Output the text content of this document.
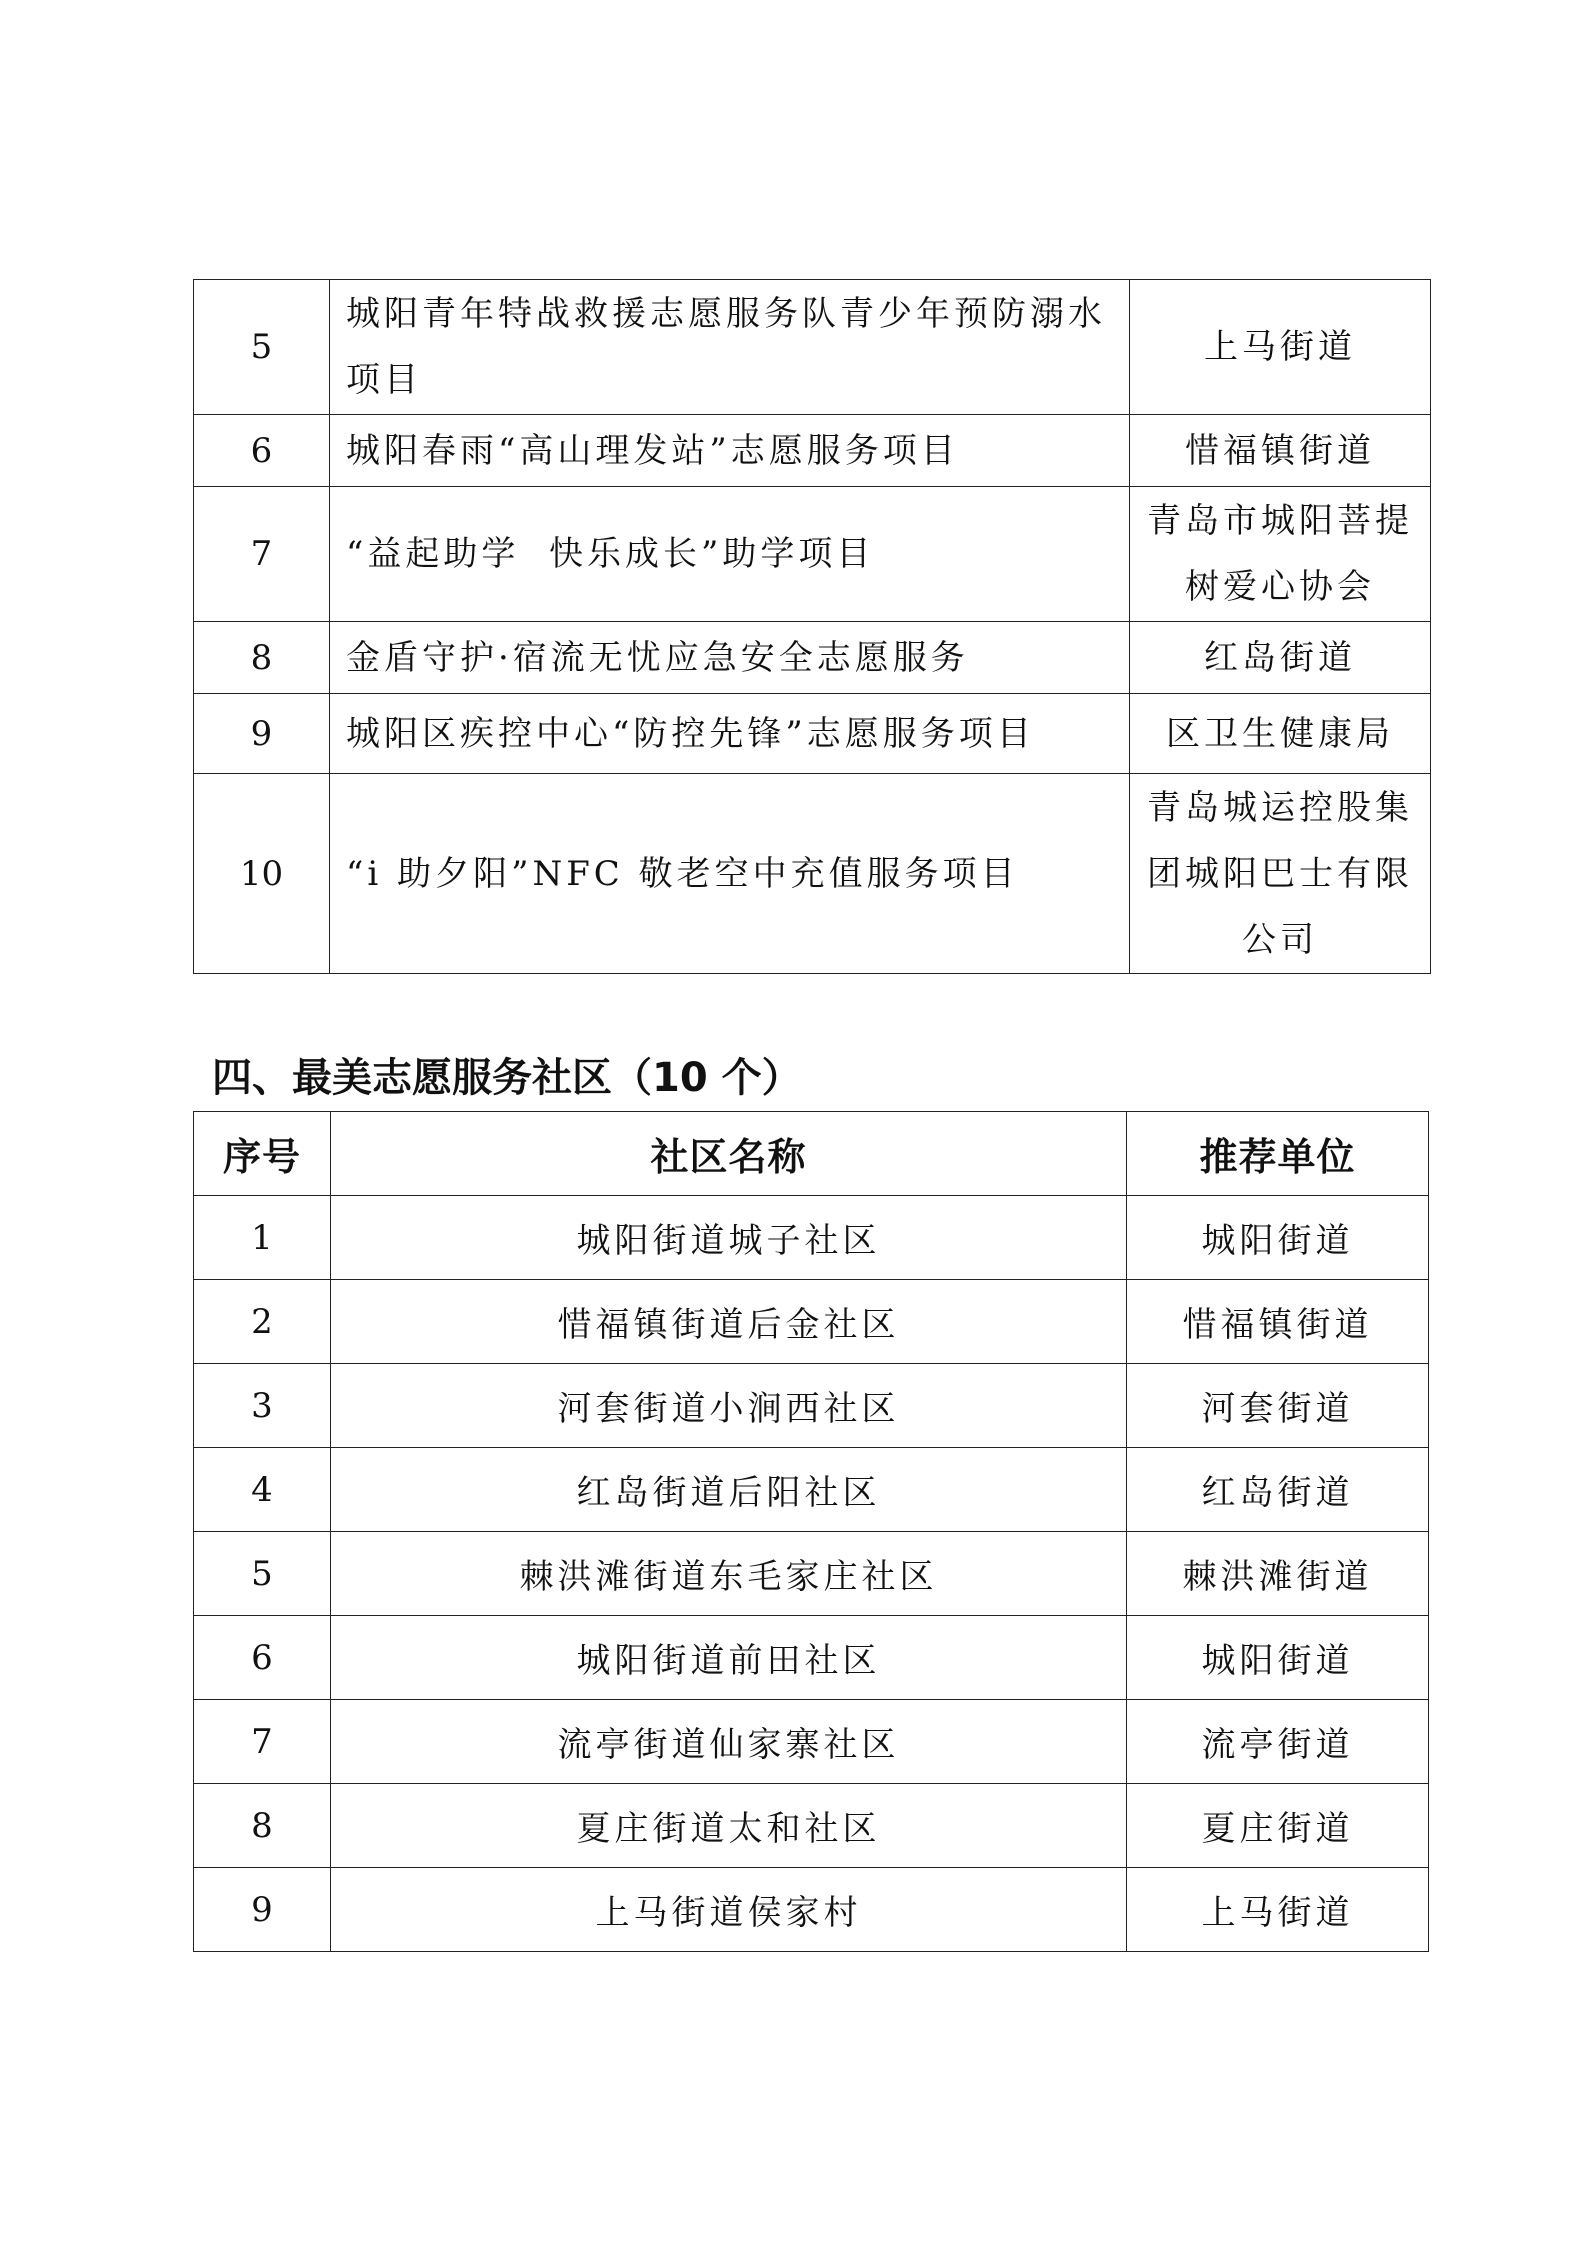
5	城阳青年特战救援志愿服务队青少年预防溺水项目	上马街道
6	城阳春雨“高山理发站”志愿服务项目	惜福镇街道
7	“益起助学  快乐成长”助学项目	青岛市城阳菩提树爱心协会
8	金盾守护·宿流无忧应急安全志愿服务	红岛街道
9	城阳区疾控中心“防控先锋”志愿服务项目	区卫生健康局
10	“i 助夕阳”NFC 敬老空中充值服务项目	青岛城运控股集团城阳巴士有限公司
四、最美志愿服务社区（10 个）
序号	社区名称	推荐单位
1	城阳街道城子社区	城阳街道
2	惜福镇街道后金社区	惜福镇街道
3	河套街道小涧西社区	河套街道
4	红岛街道后阳社区	红岛街道
5	棘洪滩街道东毛家庄社区	棘洪滩街道
6	城阳街道前田社区	城阳街道
7	流亭街道仙家寨社区	流亭街道
8	夏庄街道太和社区	夏庄街道
9	上马街道侯家村	上马街道
